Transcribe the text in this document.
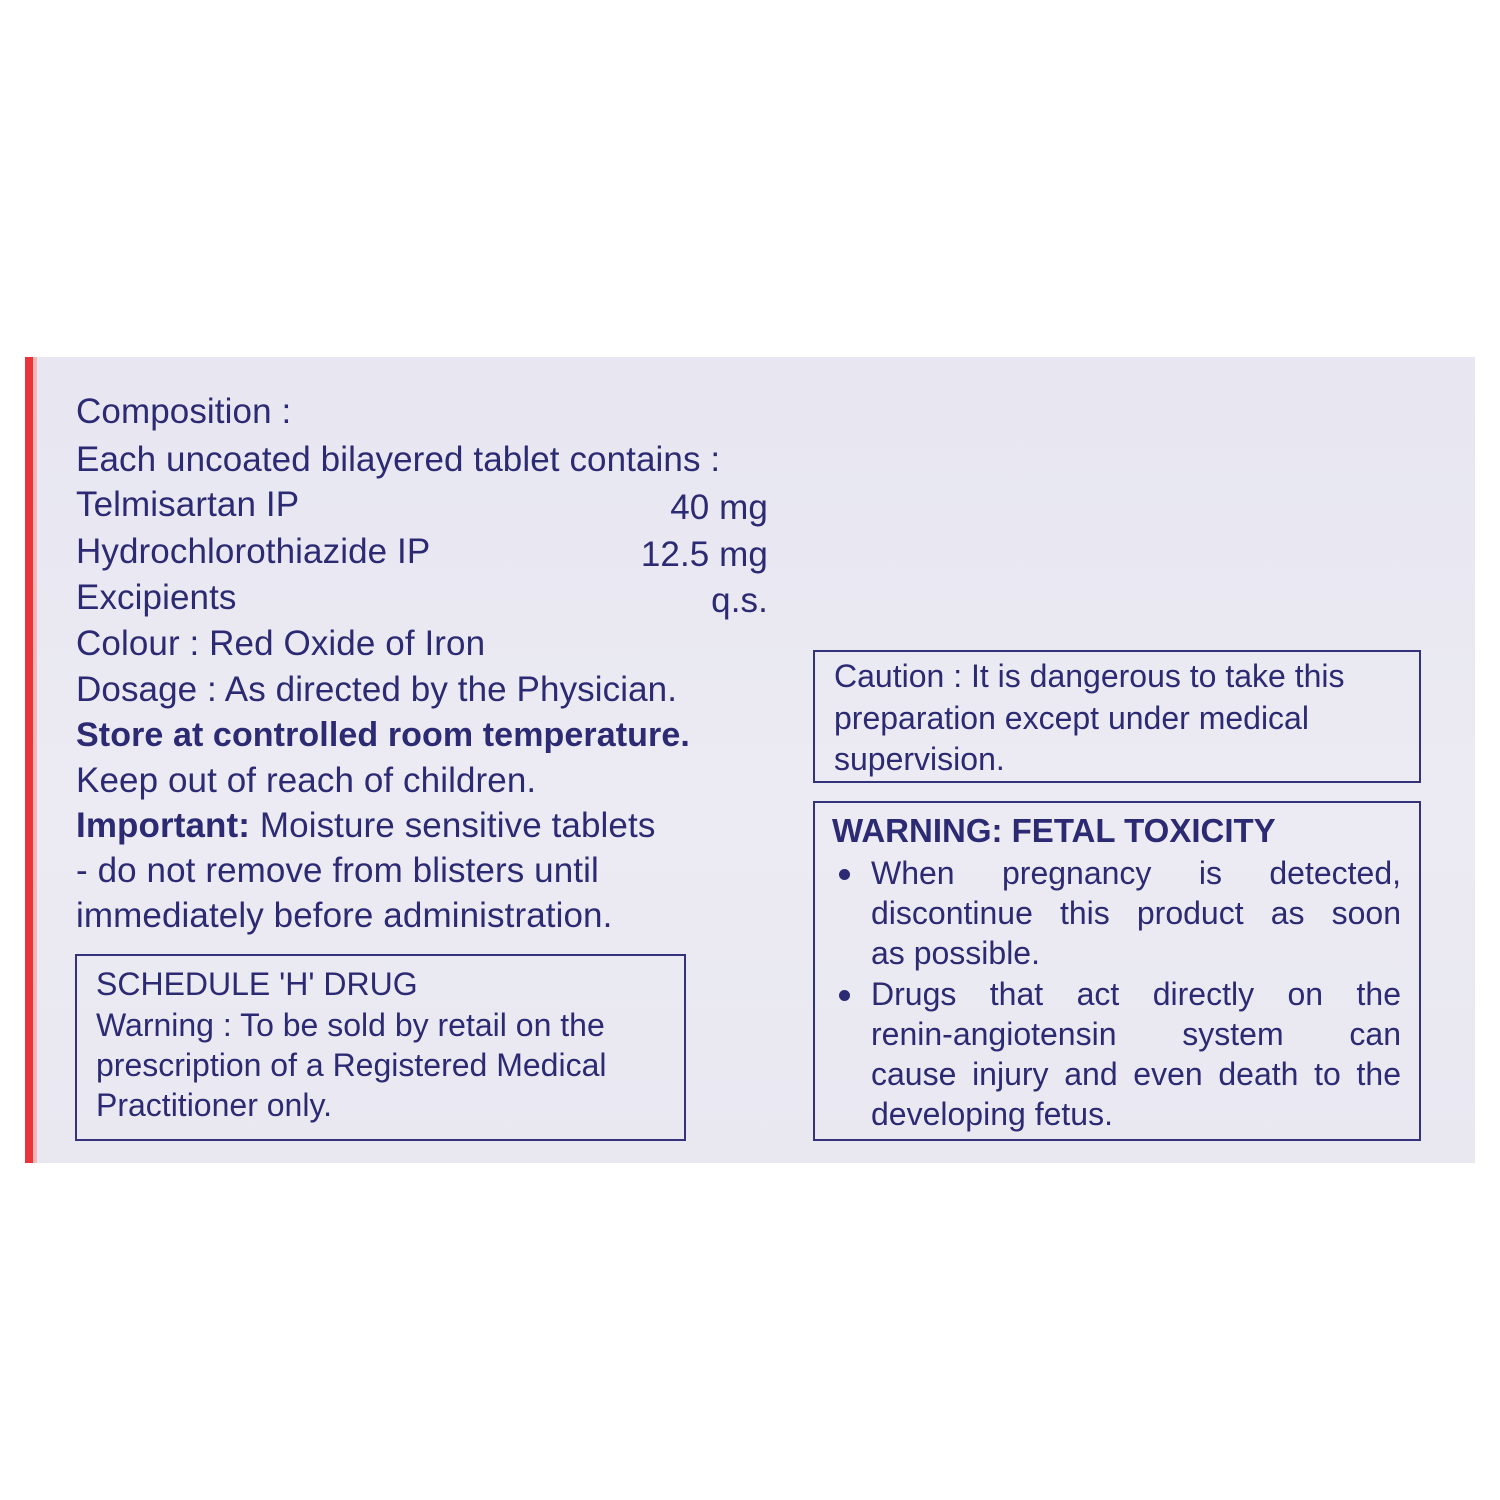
Composition :
Each uncoated bilayered tablet contains :
Telmisartan IP	40 mg
Hydrochlorothiazide IP	12.5 mg
Excipients	q.s.
Colour : Red Oxide of Iron
Dosage : As directed by the Physician.
Store at controlled room temperature.
Keep out of reach of children.
Important: Moisture sensitive tablets
- do not remove from blisters until
immediately before administration.
SCHEDULE 'H' DRUG
Warning : To be sold by retail on the
prescription of a Registered Medical
Practitioner only.
Caution : It is dangerous to take this
preparation except under medical
supervision.
WARNING: FETAL TOXICITY
When pregnancy is detected,
discontinue this product as soon
as possible.
Drugs that act directly on the
renin-angiotensin system can
cause injury and even death to the
developing fetus.
